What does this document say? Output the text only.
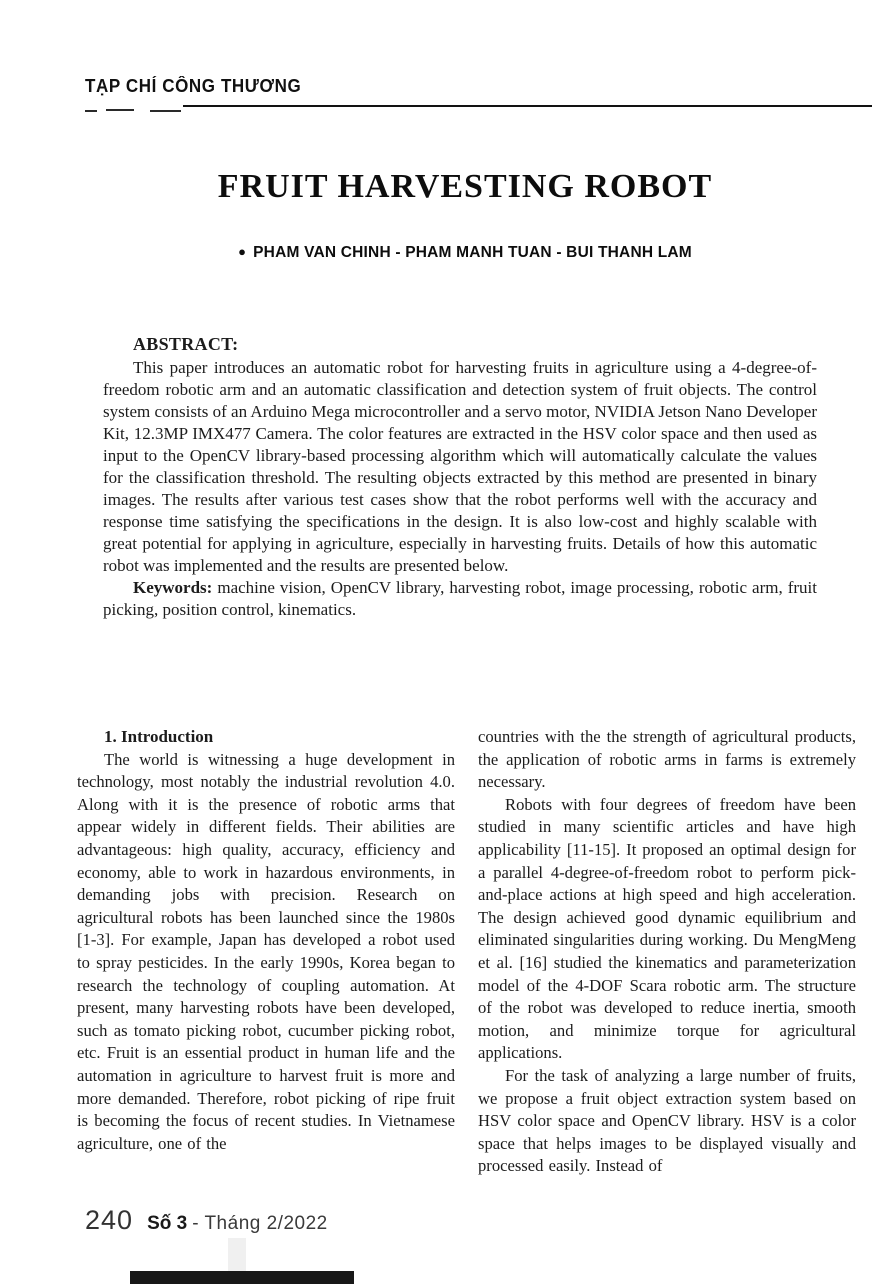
TẠP CHÍ CÔNG THƯƠNG
FRUIT HARVESTING ROBOT
● PHAM VAN CHINH - PHAM MANH TUAN - BUI THANH LAM

ABSTRACT:

This paper introduces an automatic robot for harvesting fruits in agriculture using a 4-degree-of-freedom robotic arm and an automatic classification and detection system of fruit objects. The control system consists of an Arduino Mega microcontroller and a servo motor, NVIDIA Jetson Nano Developer Kit, 12.3MP IMX477 Camera. The color features are extracted in the HSV color space and then used as input to the OpenCV library-based processing algorithm which will automatically calculate the values for the classification threshold. The resulting objects extracted by this method are presented in binary images. The results after various test cases show that the robot performs well with the accuracy and response time satisfying the specifications in the design. It is also low-cost and highly scalable with great potential for applying in agriculture, especially in harvesting fruits. Details of how this automatic robot was implemented and the results are presented below.

Keywords: machine vision, OpenCV library, harvesting robot, image processing, robotic arm, fruit picking, position control, kinematics.

1. Introduction

The world is witnessing a huge development in technology, most notably the industrial revolution 4.0. Along with it is the presence of robotic arms that appear widely in different fields. Their abilities are advantageous: high quality, accuracy, efficiency and economy, able to work in hazardous environments, in demanding jobs with precision. Research on agricultural robots has been launched since the 1980s [1-3]. For example, Japan has developed a robot used to spray pesticides. In the early 1990s, Korea began to research the technology of coupling automation. At present, many harvesting robots have been developed, such as tomato picking robot, cucumber picking robot, etc. Fruit is an essential product in human life and the automation in agriculture to harvest fruit is more and more demanded. Therefore, robot picking of ripe fruit is becoming the focus of recent studies. In Vietnamese agriculture, one of the

countries with the the strength of agricultural products, the application of robotic arms in farms is extremely necessary.

Robots with four degrees of freedom have been studied in many scientific articles and have high applicability [11-15]. It proposed an optimal design for a parallel 4-degree-of-freedom robot to perform pick-and-place actions at high speed and high acceleration. The design achieved good dynamic equilibrium and eliminated singularities during working. Du MengMeng et al. [16] studied the kinematics and parameterization model of the 4-DOF Scara robotic arm. The structure of the robot was developed to reduce inertia, smooth motion, and minimize torque for agricultural applications.

For the task of analyzing a large number of fruits, we propose a fruit object extraction system based on HSV color space and OpenCV library. HSV is a color space that helps images to be displayed visually and processed easily. Instead of

240 Số 3 - Tháng 2/2022
